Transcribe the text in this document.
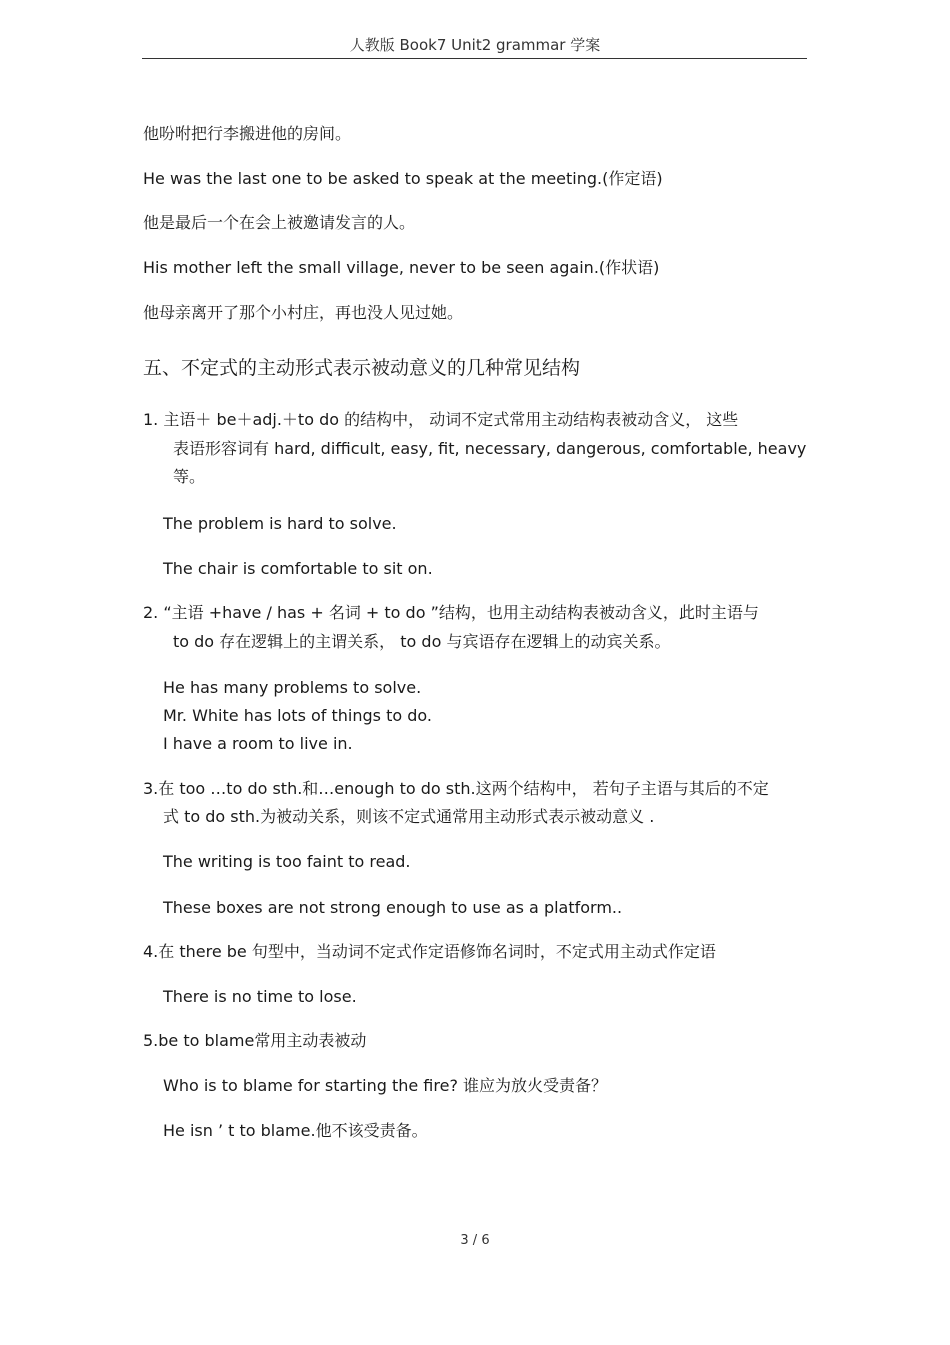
人教版 Book7 Unit2 grammar 学案
他吩咐把行李搬进他的房间。
He was the last one to be asked to speak at the meeting.(作定语)
他是最后一个在会上被邀请发言的人。
His mother left the small village, never to be seen again.(作状语)
他母亲离开了那个小村庄，再也没人见过她。
五、不定式的主动形式表示被动意义的几种常见结构
1. 主语＋ be＋adj.＋to do 的结构中， 动词不定式常用主动结构表被动含义， 这些
表语形容词有 hard, difficult, easy, fit, necessary, dangerous, comfortable, heavy
等。
The problem is hard to solve.
The chair is comfortable to sit on.
2. “主语 +have / has + 名词 + to do ”结构，也用主动结构表被动含义，此时主语与
to do 存在逻辑上的主谓关系， to do 与宾语存在逻辑上的动宾关系。
He has many problems to solve.
Mr. White has lots of things to do.
I have a room to live in.
3.在 too …to do sth.和…enough to do sth.这两个结构中， 若句子主语与其后的不定
式 to do sth.为被动关系，则该不定式通常用主动形式表示被动意义 .
The writing is too faint to read.
These boxes are not strong enough to use as a platform..
4.在 there be 句型中，当动词不定式作定语修饰名词时，不定式用主动式作定语
There is no time to lose.
5.be to blame常用主动表被动
Who is to blame for starting the fire? 谁应为放火受责备？
He isn ’ t to blame.他不该受责备。
3 / 6
